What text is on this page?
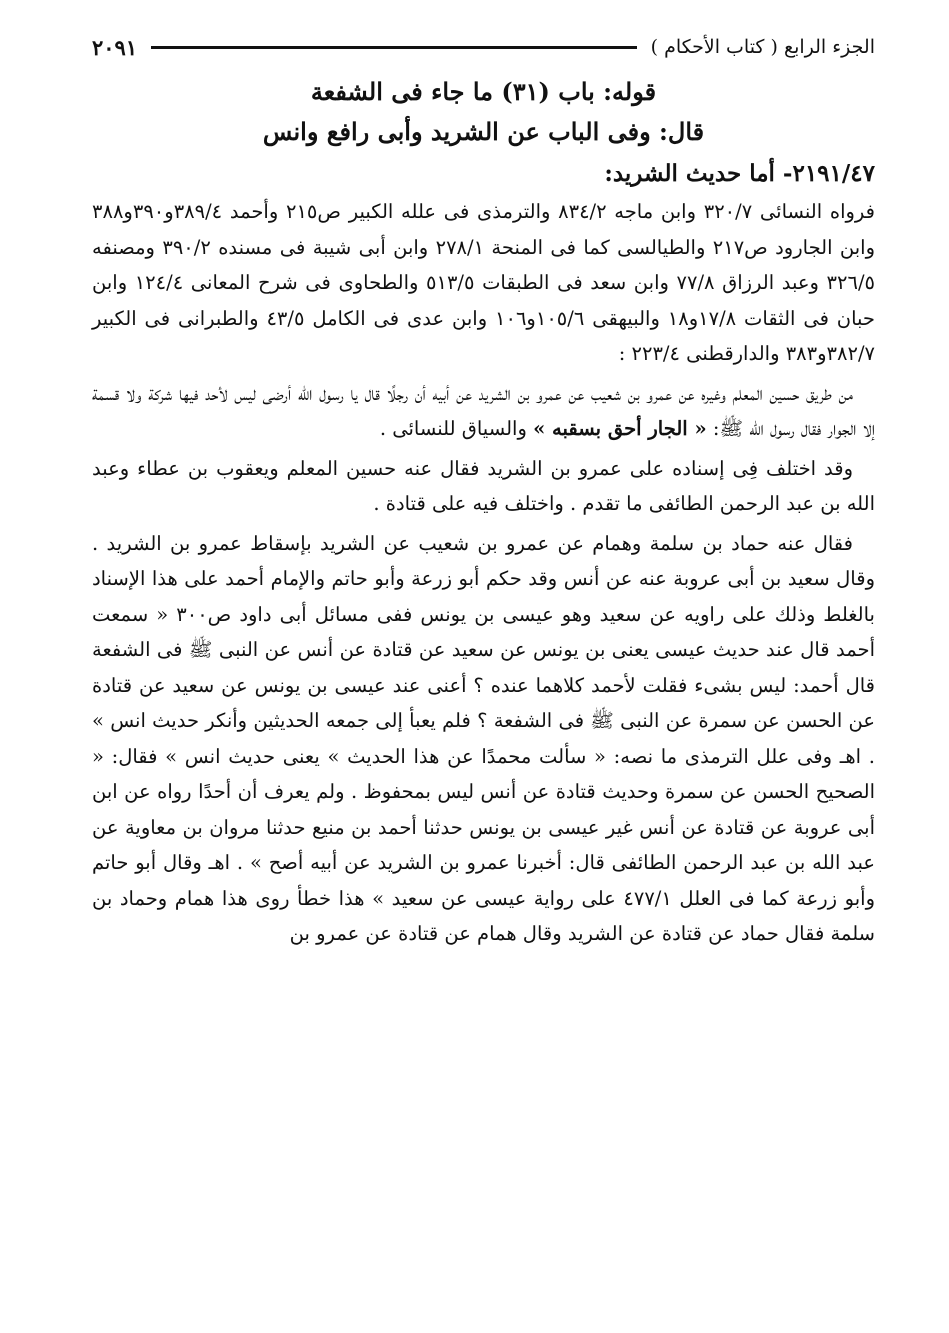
الجزء الرابع ( كتاب الأحكام )
٢٠٩١
قوله: باب (٣١) ما جاء فى الشفعة
قال: وفى الباب عن الشريد وأبى رافع وانس
٢١٩١/٤٧- أما حديث الشريد:

فرواه النسائى ٣٢٠/٧ وابن ماجه ٨٣٤/٢ والترمذى فى علله الكبير ص٢١٥ وأحمد ٣٨٩/٤و٣٩٠و٣٨٨ وابن الجارود ص٢١٧ والطيالسى كما فى المنحة ٢٧٨/١ وابن أبى شيبة فى مسنده ٣٩٠/٢ ومصنفه ٣٢٦/٥ وعبد الرزاق ٧٧/٨ وابن سعد فى الطبقات ٥١٣/٥ والطحاوى فى شرح المعانى ١٢٤/٤ وابن حبان فى الثقات ١٧/٨و١٨ والبيهقى ١٠٥/٦و١٠٦ وابن عدى فى الكامل ٤٣/٥ والطبرانى فى الكبير ٣٨٢/٧و٣٨٣ والدارقطنى ٢٢٣/٤ :

من طريق حسين المعلم وغيره عن عمرو بن شعيب عن عمرو بن الشريد عن أبيه أن رجلًا قال يا رسول الله أرضى ليس لأحد فيها شركة ولا قسمة إلا الجوار فقال رسول الله ﷺ: « الجار أحق بسقبه » والسياق للنسائى .

وقد اختلف فِى إسناده على عمرو بن الشريد فقال عنه حسين المعلم ويعقوب بن عطاء وعبد الله بن عبد الرحمن الطائفى ما تقدم . واختلف فيه على قتادة .

فقال عنه حماد بن سلمة وهمام عن عمرو بن شعيب عن الشريد بإسقاط عمرو بن الشريد . وقال سعيد بن أبى عروبة عنه عن أنس وقد حكم أبو زرعة وأبو حاتم والإمام أحمد على هذا الإسناد بالغلط وذلك على راويه عن سعيد وهو عيسى بن يونس ففى مسائل أبى داود ص٣٠٠ « سمعت أحمد قال عند حديث عيسى يعنى بن يونس عن سعيد عن قتادة عن أنس عن النبى ﷺ فى الشفعة قال أحمد: ليس بشىء فقلت لأحمد كلاهما عنده ؟ أعنى عند عيسى بن يونس عن سعيد عن قتادة عن الحسن عن سمرة عن النبى ﷺ فى الشفعة ؟ فلم يعبأ إلى جمعه الحديثين وأنكر حديث انس » . اهـ وفى علل الترمذى ما نصه: « سألت محمدًا عن هذا الحديث » يعنى حديث انس » فقال: « الصحيح الحسن عن سمرة وحديث قتادة عن أنس ليس بمحفوظ . ولم يعرف أن أحدًا رواه عن ابن أبى عروبة عن قتادة عن أنس غير عيسى بن يونس حدثنا أحمد بن منيع حدثنا مروان بن معاوية عن عبد الله بن عبد الرحمن الطائفى قال: أخبرنا عمرو بن الشريد عن أبيه أصح » . اهـ وقال أبو حاتم وأبو زرعة كما فى العلل ٤٧٧/١ على رواية عيسى عن سعيد » هذا خطأ روى هذا همام وحماد بن سلمة فقال حماد عن قتادة عن الشريد وقال همام عن قتادة عن عمرو بن
